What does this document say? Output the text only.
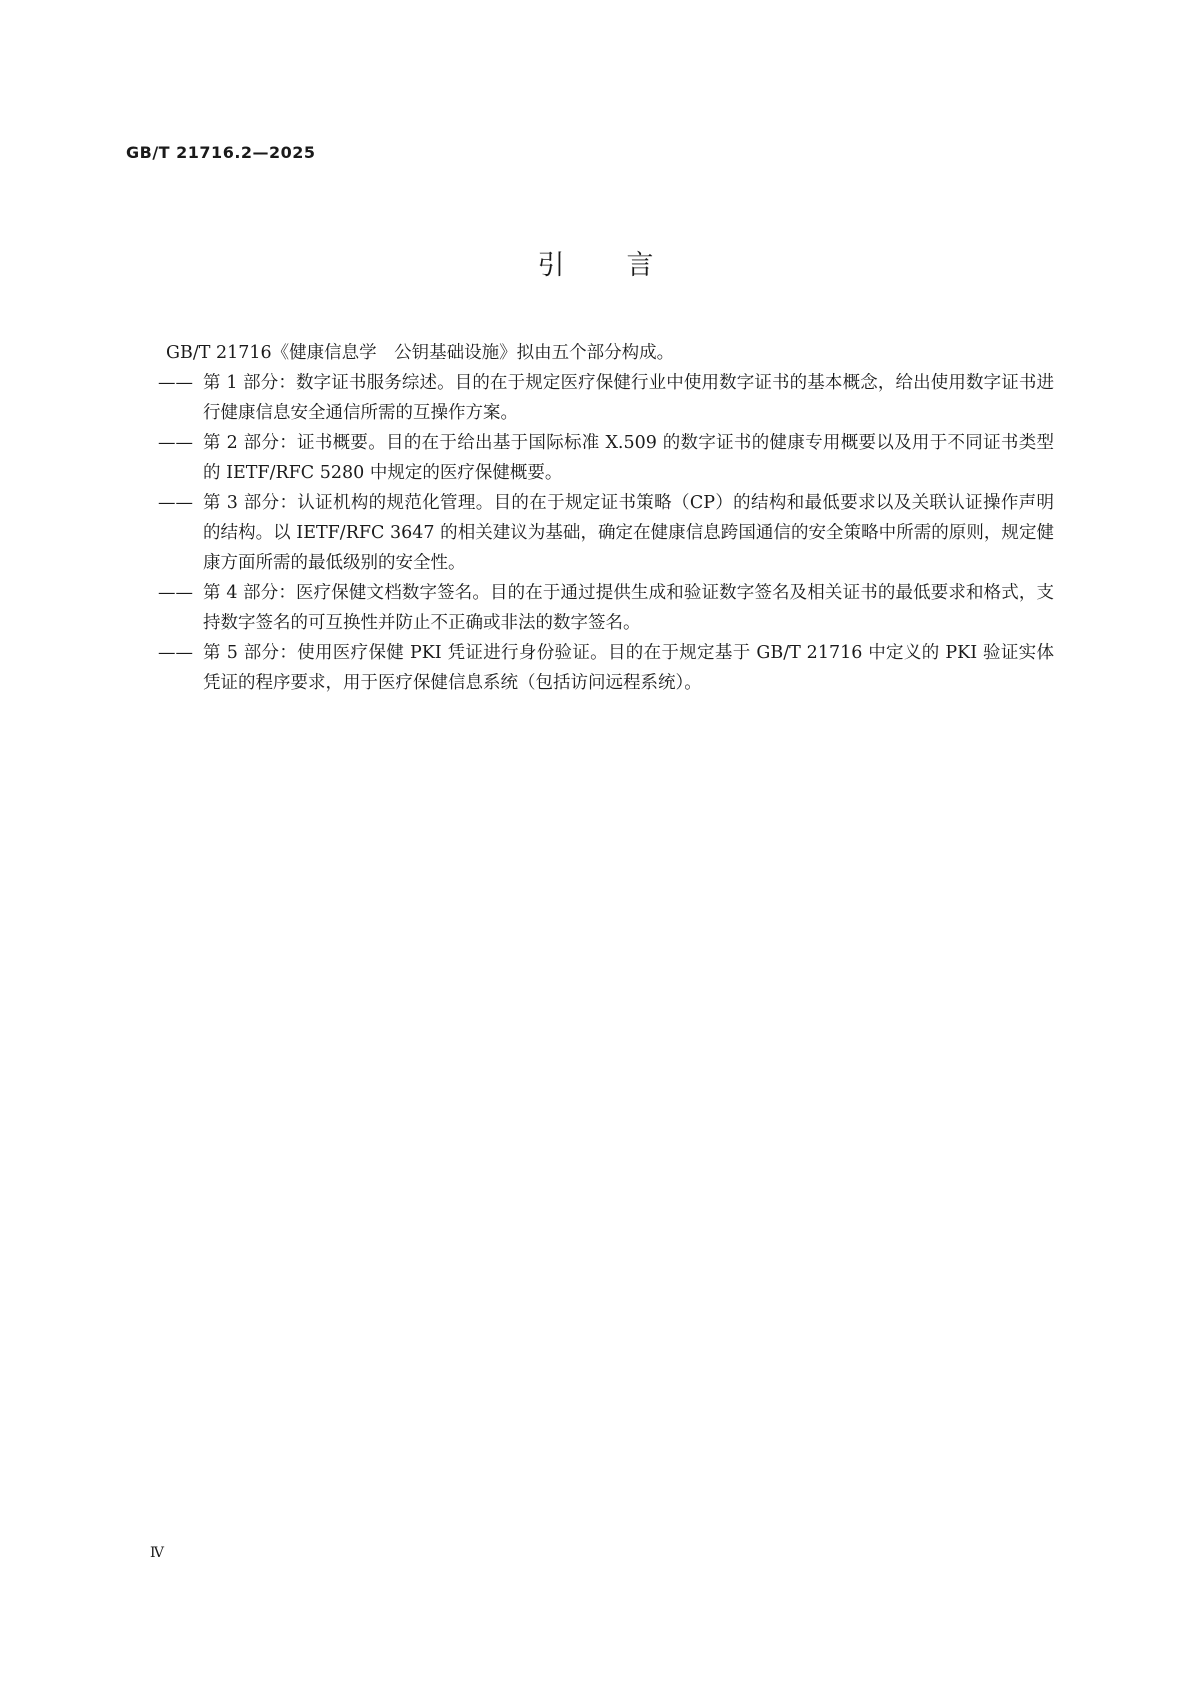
GB/T 21716.2—2025
引言

GB/T 21716《健康信息学　公钥基础设施》拟由五个部分构成。

—— 第 1 部分：数字证书服务综述。目的在于规定医疗保健行业中使用数字证书的基本概念，给出使用数字证书进行健康信息安全通信所需的互操作方案。
—— 第 2 部分：证书概要。目的在于给出基于国际标准 X.509 的数字证书的健康专用概要以及用于不同证书类型的 IETF/RFC 5280 中规定的医疗保健概要。
—— 第 3 部分：认证机构的规范化管理。目的在于规定证书策略（CP）的结构和最低要求以及关联认证操作声明的结构。以 IETF/RFC 3647 的相关建议为基础，确定在健康信息跨国通信的安全策略中所需的原则，规定健康方面所需的最低级别的安全性。
—— 第 4 部分：医疗保健文档数字签名。目的在于通过提供生成和验证数字签名及相关证书的最低要求和格式，支持数字签名的可互换性并防止不正确或非法的数字签名。
—— 第 5 部分：使用医疗保健 PKI 凭证进行身份验证。目的在于规定基于 GB/T 21716 中定义的 PKI 验证实体凭证的程序要求，用于医疗保健信息系统（包括访问远程系统）。
Ⅳ
